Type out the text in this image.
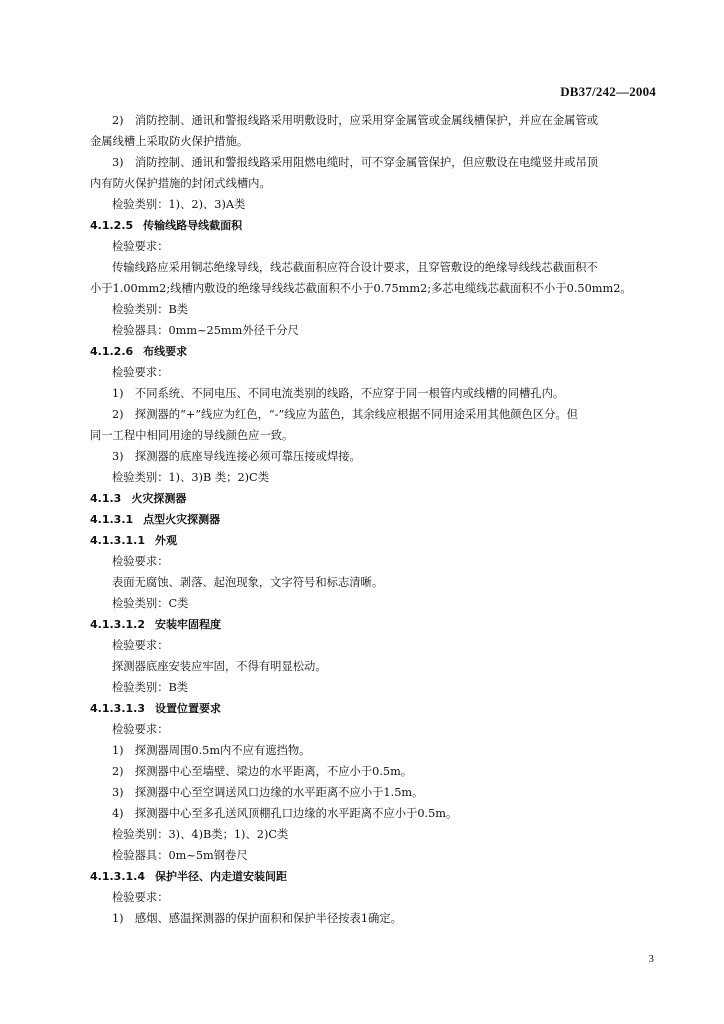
DB37/242—2004
2)　消防控制、通讯和警报线路采用明敷设时，应采用穿金属管或金属线槽保护，并应在金属管或
金属线槽上采取防火保护措施。
3)　消防控制、通讯和警报线路采用阻燃电缆时，可不穿金属管保护，但应敷设在电缆竖井或吊顶
内有防火保护措施的封闭式线槽内。
检验类别：1)、2)、3)A类
4.1.2.5 传输线路导线截面积
检验要求：
传输线路应采用铜芯绝缘导线，线芯截面积应符合设计要求，且穿管敷设的绝缘导线线芯截面积不
小于1.00mm2;线槽内敷设的绝缘导线线芯截面积不小于0.75mm2;多芯电缆线芯截面积不小于0.50mm2。
检验类别：B类
检验器具：0mm~25mm外径千分尺
4.1.2.6 布线要求
检验要求：
1)　不同系统、不同电压、不同电流类别的线路，不应穿于同一根管内或线槽的同槽孔内。
2)　探测器的“+”线应为红色，“-”线应为蓝色，其余线应根据不同用途采用其他颜色区分。但
同一工程中相同用途的导线颜色应一致。
3)　探测器的底座导线连接必须可靠压接或焊接。
检验类别：1)、3)B 类；2)C类
4.1.3 火灾探测器
4.1.3.1 点型火灾探测器
4.1.3.1.1 外观
检验要求：
表面无腐蚀、剥落、起泡现象，文字符号和标志清晰。
检验类别：C类
4.1.3.1.2 安装牢固程度
检验要求：
探测器底座安装应牢固，不得有明显松动。
检验类别：B类
4.1.3.1.3 设置位置要求
检验要求：
1)　探测器周围0.5m内不应有遮挡物。
2)　探测器中心至墙壁、梁边的水平距离，不应小于0.5m。
3)　探测器中心至空调送风口边缘的水平距离不应小于1.5m。
4)　探测器中心至多孔送风顶棚孔口边缘的水平距离不应小于0.5m。
检验类别：3)、4)B类；1)、2)C类
检验器具：0m~5m钢卷尺
4.1.3.1.4 保护半径、内走道安装间距
检验要求：
1)　感烟、感温探测器的保护面积和保护半径按表1确定。
3
